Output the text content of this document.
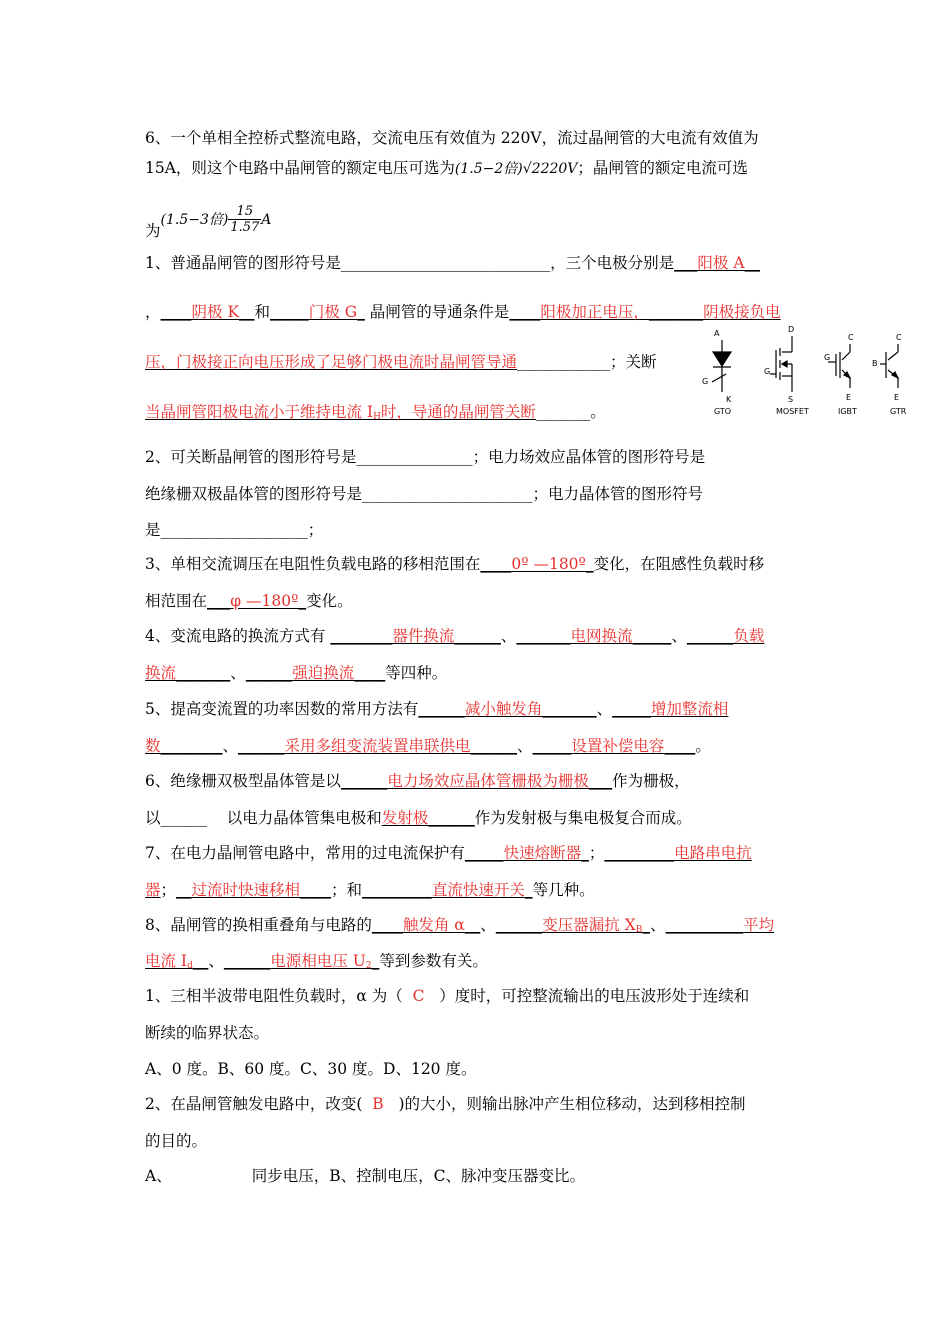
6、一个单相全控桥式整流电路，交流电压有效值为 220V，流过晶闸管的大电流有效值为
15A，则这个电路中晶闸管的额定电压可选为(1.5−2倍)√2220V；晶闸管的额定电流可选
为(1.5−3倍) $\frac{15}{1.57}$ A
1、普通晶闸管的图形符号是___________________________，三个电极分别是___阳极 A__
，____阴极 K__和_____门极 G_ 晶闸管的导通条件是____阳极加正电压，_______阴极接负电
压，门极接正向电压形成了足够门极电流时晶闸管导通____________；关断
当晶闸管阳极电流小于维持电流 $I_H$时，导通的晶闸管关断_______。
A
G
K
GTO
D
G
S
MOSFET
C
G
E
IGBT
C
B
E
GTR
2、可关断晶闸管的图形符号是_______________；电力场效应晶体管的图形符号是
绝缘栅双极晶体管的图形符号是______________________；电力晶体管的图形符号
是___________________；
3、单相交流调压在电阻性负载电路的移相范围在____0º —180º_变化，在阻感性负载时移
相范围在___φ —180º_变化。
4、变流电路的换流方式有 ________器件换流______、_______电网换流_____、______负载
换流_______、______强迫换流____等四种。
5、提高变流置的功率因数的常用方法有______减小触发角_______、_____增加整流相
数________、______采用多组变流装置串联供电______、_____设置补偿电容____。
6、绝缘栅双极型晶体管是以______电力场效应晶体管栅极为栅极___作为栅极，
以______ 以电力晶体管集电极和发射极______作为发射极与集电极复合而成。
7、在电力晶闸管电路中，常用的过电流保护有_____快速熔断器_；_________电路串电抗
器；__过流时快速移相____；和_________直流快速开关_等几种。
8、晶闸管的换相重叠角与电路的____触发角 α__、______变压器漏抗 $X_B\_$、__________平均
电流 $I_d\_\_$、______电源相电压 $U_2\_$等到参数有关。
1、三相半波带电阻性负载时，α 为（ C ）度时，可控整流输出的电压波形处于连续和
断续的临界状态。
A、0 度。B、60 度。C、30 度。D、120 度。
2、在晶闸管触发电路中，改变( B )的大小，则输出脉冲产生相位移动，达到移相控制
的目的。
A、	同步电压，B、控制电压，C、脉冲变压器变比。
